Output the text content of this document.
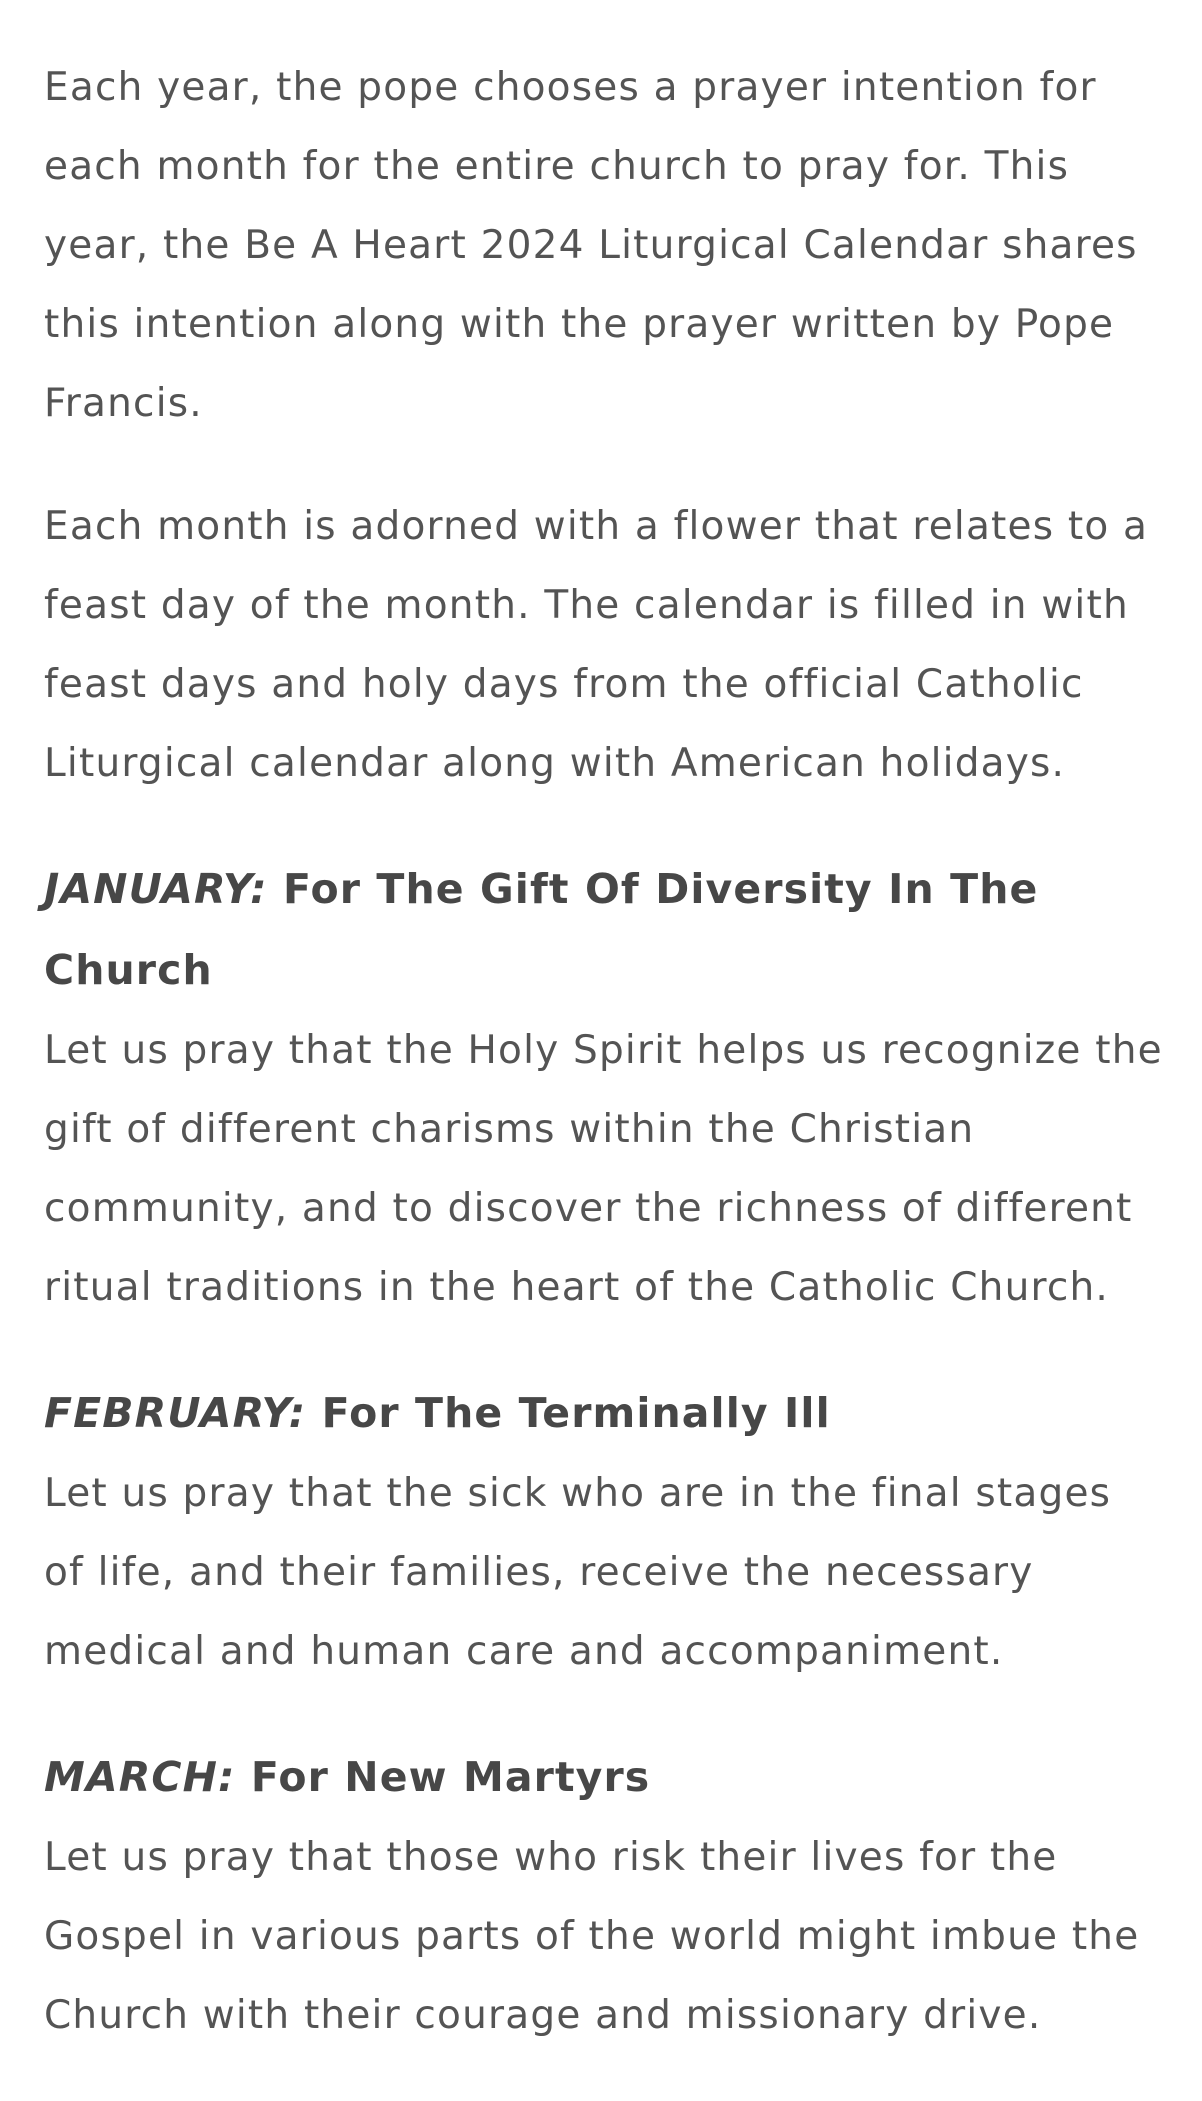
Each year, the pope chooses a prayer intention for each month for the entire church to pray for. This year, the Be A Heart 2024 Liturgical Calendar shares this intention along with the prayer written by Pope Francis.

Each month is adorned with a flower that relates to a feast day of the month. The calendar is filled in with feast days and holy days from the official Catholic Liturgical calendar along with American holidays.

JANUARY: For The Gift Of Diversity In The Church

Let us pray that the Holy Spirit helps us recognize the gift of different charisms within the Christian community, and to discover the richness of different ritual traditions in the heart of the Catholic Church.

FEBRUARY: For The Terminally Ill

Let us pray that the sick who are in the final stages of life, and their families, receive the necessary medical and human care and accompaniment.

MARCH: For New Martyrs

Let us pray that those who risk their lives for the Gospel in various parts of the world might imbue the Church with their courage and missionary drive.
